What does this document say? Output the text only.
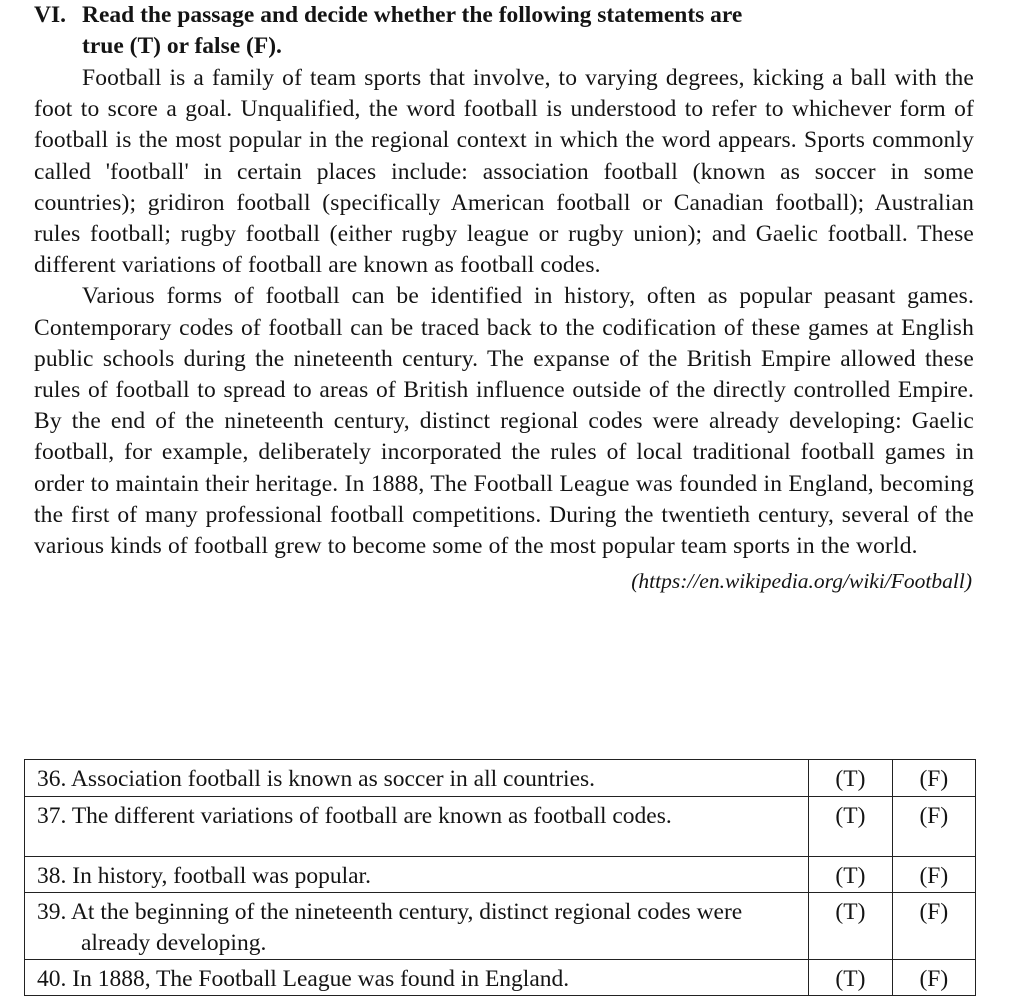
VI. Read the passage and decide whether the following statements are
true (T) or false (F).

Football is a family of team sports that involve, to varying degrees, kicking a ball with the foot to score a goal. Unqualified, the word football is understood to refer to whichever form of football is the most popular in the regional context in which the word appears. Sports commonly called 'football' in certain places include: association football (known as soccer in some countries); gridiron football (specifically American football or Canadian football); Australian rules football; rugby football (either rugby league or rugby union); and Gaelic football. These different variations of football are known as football codes.

Various forms of football can be identified in history, often as popular peasant games. Contemporary codes of football can be traced back to the codification of these games at English public schools during the nineteenth century. The expanse of the British Empire allowed these rules of football to spread to areas of British influence outside of the directly controlled Empire. By the end of the nineteenth century, distinct regional codes were already developing: Gaelic football, for example, deliberately incorporated the rules of local traditional football games in order to maintain their heritage. In 1888, The Football League was founded in England, becoming the first of many professional football competitions. During the twentieth century, several of the various kinds of football grew to become some of the most popular team sports in the world.

(https://en.wikipedia.org/wiki/Football)

36. Association football is known as soccer in all countries.	(T)	(F)

37. The different variations of football are known as football codes.	(T)	(F)

38. In history, football was popular.	(T)	(F)

39. At the beginning of the nineteenth century, distinct regional codes were already developing.	(T)	(F)

40. In 1888, The Football League was found in England.	(T)	(F)
